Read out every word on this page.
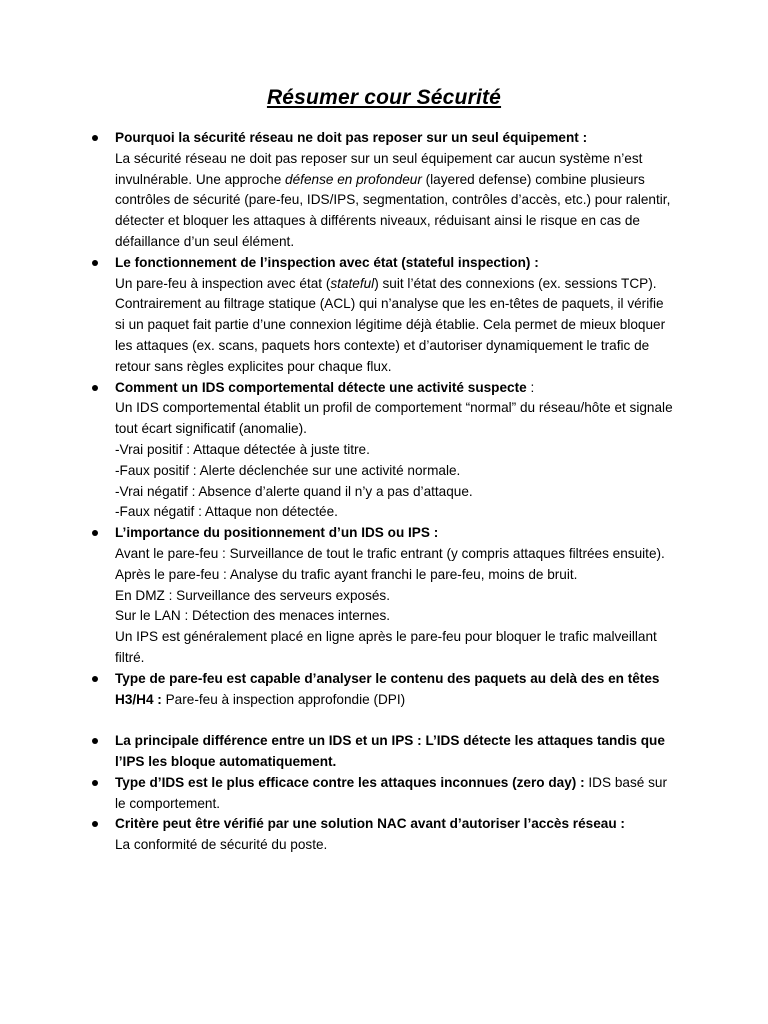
Résumer cour Sécurité
Pourquoi la sécurité réseau ne doit pas reposer sur un seul équipement :
La sécurité réseau ne doit pas reposer sur un seul équipement car aucun système n’est invulnérable. Une approche défense en profondeur (layered defense) combine plusieurs contrôles de sécurité (pare-feu, IDS/IPS, segmentation, contrôles d’accès, etc.) pour ralentir, détecter et bloquer les attaques à différents niveaux, réduisant ainsi le risque en cas de défaillance d’un seul élément.
Le fonctionnement de l’inspection avec état (stateful inspection) :
Un pare-feu à inspection avec état (stateful) suit l’état des connexions (ex. sessions TCP). Contrairement au filtrage statique (ACL) qui n’analyse que les en-têtes de paquets, il vérifie si un paquet fait partie d’une connexion légitime déjà établie. Cela permet de mieux bloquer les attaques (ex. scans, paquets hors contexte) et d’autoriser dynamiquement le trafic de retour sans règles explicites pour chaque flux.
Comment un IDS comportemental détecte une activité suspecte :
Un IDS comportemental établit un profil de comportement “normal” du réseau/hôte et signale tout écart significatif (anomalie).
-Vrai positif : Attaque détectée à juste titre.
-Faux positif : Alerte déclenchée sur une activité normale.
-Vrai négatif : Absence d’alerte quand il n’y a pas d’attaque.
-Faux négatif : Attaque non détectée.
L’importance du positionnement d’un IDS ou IPS :
Avant le pare-feu : Surveillance de tout le trafic entrant (y compris attaques filtrées ensuite).
Après le pare-feu : Analyse du trafic ayant franchi le pare-feu, moins de bruit.
En DMZ : Surveillance des serveurs exposés.
Sur le LAN : Détection des menaces internes.
Un IPS est généralement placé en ligne après le pare-feu pour bloquer le trafic malveillant filtré.
Type de pare-feu est capable d’analyser le contenu des paquets au delà des en têtes H3/H4 : Pare-feu à inspection approfondie (DPI)
La principale différence entre un IDS et un IPS : L’IDS détecte les attaques tandis que l’IPS les bloque automatiquement.
Type d’IDS est le plus efficace contre les attaques inconnues (zero day) : IDS basé sur le comportement.
Critère peut être vérifié par une solution NAC avant d’autoriser l’accès réseau :
La conformité de sécurité du poste.
